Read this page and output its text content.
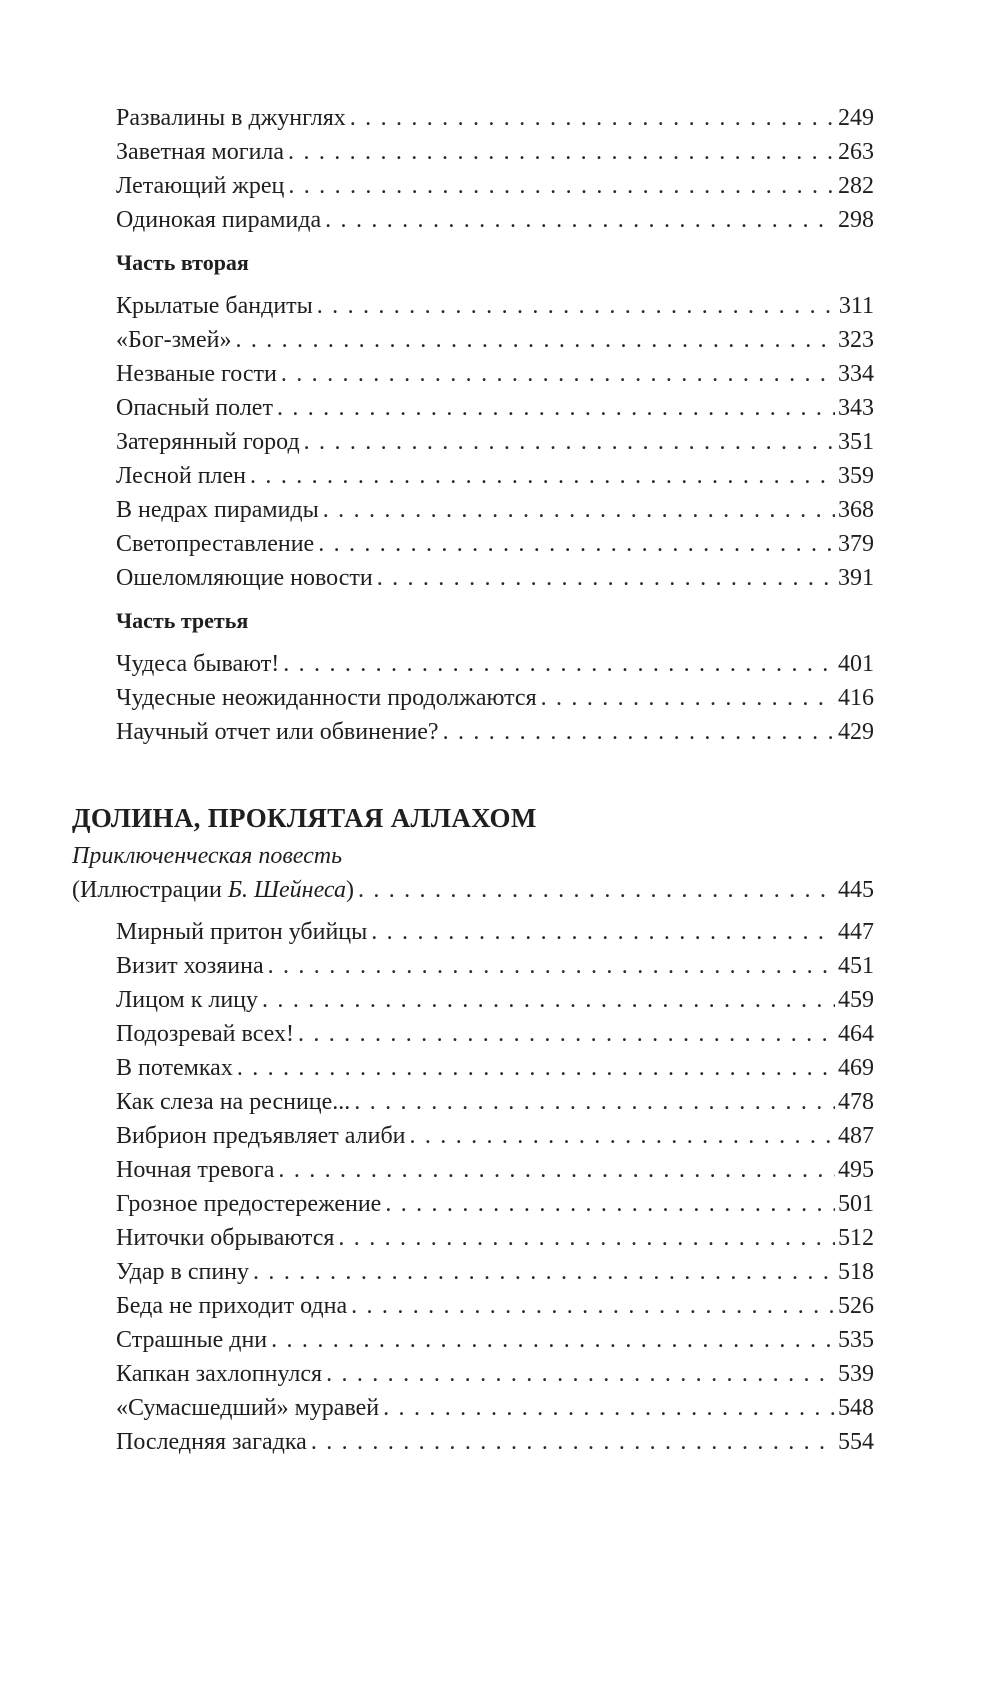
Развалины в джунглях . . .	249
Заветная могила . . .	263
Летающий жрец . . .	282
Одинокая пирамида . . .	298
Часть вторая
Крылатые бандиты . . .	311
«Бог-змей» . . .	323
Незваные гости . . .	334
Опасный полет . . .	343
Затерянный город . . .	351
Лесной плен . . .	359
В недрах пирамиды . . .	368
Светопреставление . . .	379
Ошеломляющие новости . . .	391
Часть третья
Чудеса бывают! . . .	401
Чудесные неожиданности продолжаются . . .	416
Научный отчет или обвинение? . . .	429
ДОЛИНА, ПРОКЛЯТАЯ АЛЛАХОМ
Приключенческая повесть
(Иллюстрации Б. Шейнеса) . . .	445
Мирный притон убийцы . . .	447
Визит хозяина . . .	451
Лицом к лицу . . .	459
Подозревай всех! . . .	464
В потемках . . .	469
Как слеза на реснице... . . .	478
Вибрион предъявляет алиби . . .	487
Ночная тревога . . .	495
Грозное предостережение . . .	501
Ниточки обрываются . . .	512
Удар в спину . . .	518
Беда не приходит одна . . .	526
Страшные дни . . .	535
Капкан захлопнулся . . .	539
«Сумасшедший» муравей . . .	548
Последняя загадка . . .	554
